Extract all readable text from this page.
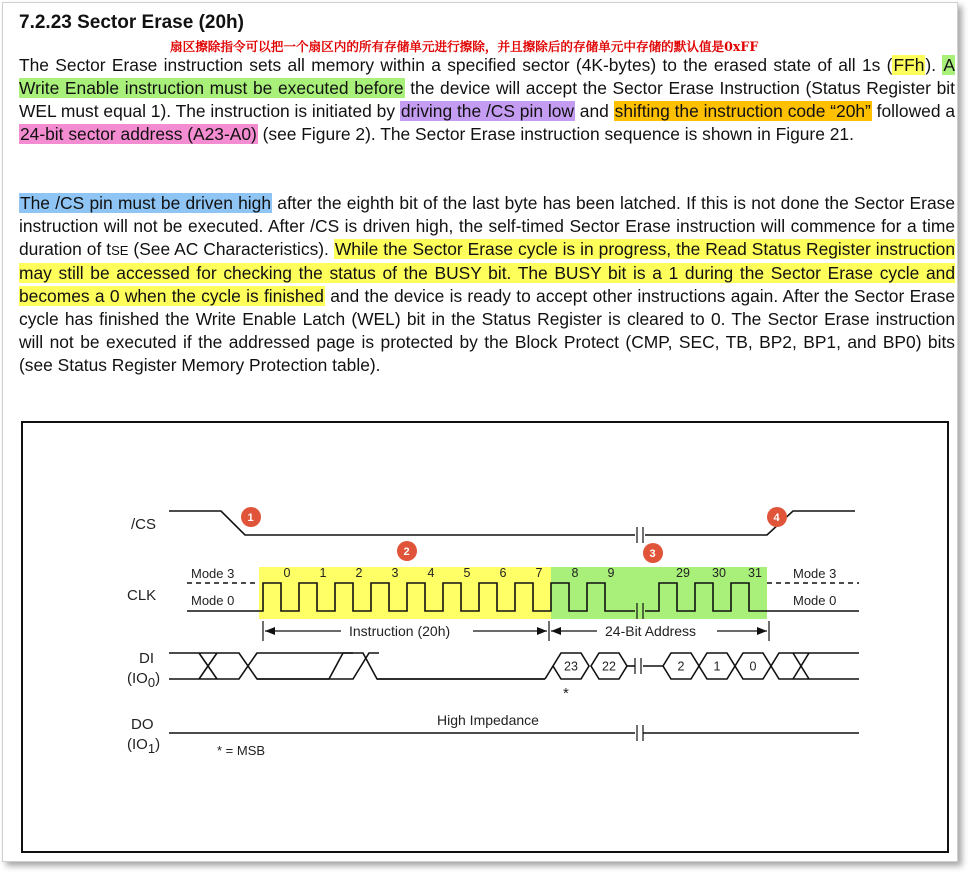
7.2.23 Sector Erase (20h)
扇区擦除指令可以把一个扇区内的所有存储单元进行擦除，并且擦除后的存储单元中存储的默认值是0xFF
The Sector Erase instruction sets all memory within a specified sector (4K-bytes) to the erased state of all 1s (FFh). A Write Enable instruction must be executed before the device will accept the Sector Erase Instruction (Status Register bit WEL must equal 1). The instruction is initiated by driving the /CS pin low and shifting the instruction code “20h” followed a 24-bit sector address (A23-A0) (see Figure 2). The Sector Erase instruction sequence is shown in Figure 21.
The /CS pin must be driven high after the eighth bit of the last byte has been latched. If this is not done the Sector Erase instruction will not be executed. After /CS is driven high, the self-timed Sector Erase instruction will commence for a time duration of tSE (See AC Characteristics). While the Sector Erase cycle is in progress, the Read Status Register instruction may still be accessed for checking the status of the BUSY bit. The BUSY bit is a 1 during the Sector Erase cycle and becomes a 0 when the cycle is finished and the device is ready to accept other instructions again. After the Sector Erase cycle has finished the Write Enable Latch (WEL) bit in the Status Register is cleared to 0. The Sector Erase instruction will not be executed if the addressed page is protected by the Block Protect (CMP, SEC, TB, BP2, BP1, and BP0) bits (see Status Register Memory Protection table).
/CS
CLK
DI
(IO0)
DO
(IO1)
Mode 3
Mode 0
Mode 3
Mode 0
0 1 2 3 4 5 6 7 8 9	29 30 31
Instruction (20h)	24-Bit Address
23 22	2 1 0
*
High Impedance
* = MSB
1
2	3
4
